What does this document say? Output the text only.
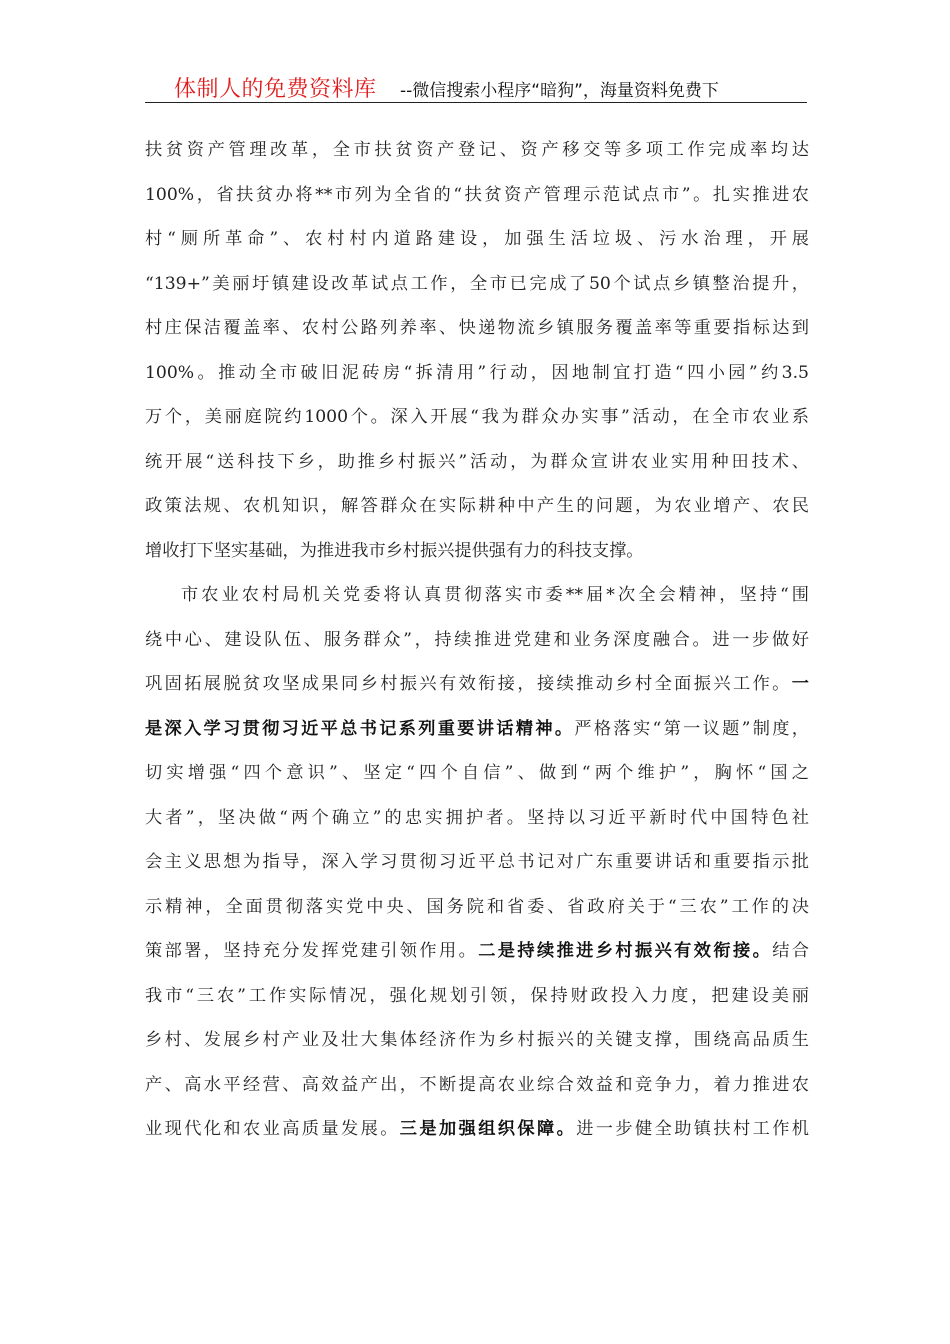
体制人的免费资料库 --微信搜索小程序“暗狗”，海量资料免费下
扶贫资产管理改革，全市扶贫资产登记、资产移交等多项工作完成率均达
100%，省扶贫办将**市列为全省的“扶贫资产管理示范试点市”。扎实推进农
村“厕所革命”、农村村内道路建设，加强生活垃圾、污水治理，开展
“139+”美丽圩镇建设改革试点工作，全市已完成了50个试点乡镇整治提升，
村庄保洁覆盖率、农村公路列养率、快递物流乡镇服务覆盖率等重要指标达到
100%。推动全市破旧泥砖房“拆清用”行动，因地制宜打造“四小园”约3.5
万个，美丽庭院约1000个。深入开展“我为群众办实事”活动，在全市农业系
统开展“送科技下乡，助推乡村振兴”活动，为群众宣讲农业实用种田技术、
政策法规、农机知识，解答群众在实际耕种中产生的问题，为农业增产、农民
增收打下坚实基础，为推进我市乡村振兴提供强有力的科技支撑。
市农业农村局机关党委将认真贯彻落实市委**届*次全会精神，坚持“围
绕中心、建设队伍、服务群众”，持续推进党建和业务深度融合。进一步做好
巩固拓展脱贫攻坚成果同乡村振兴有效衔接，接续推动乡村全面振兴工作。一
是深入学习贯彻习近平总书记系列重要讲话精神。严格落实“第一议题”制度，
切实增强“四个意识”、坚定“四个自信”、做到“两个维护”，胸怀“国之
大者”，坚决做“两个确立”的忠实拥护者。坚持以习近平新时代中国特色社
会主义思想为指导，深入学习贯彻习近平总书记对广东重要讲话和重要指示批
示精神，全面贯彻落实党中央、国务院和省委、省政府关于“三农”工作的决
策部署，坚持充分发挥党建引领作用。二是持续推进乡村振兴有效衔接。结合
我市“三农”工作实际情况，强化规划引领，保持财政投入力度，把建设美丽
乡村、发展乡村产业及壮大集体经济作为乡村振兴的关键支撑，围绕高品质生
产、高水平经营、高效益产出，不断提高农业综合效益和竞争力，着力推进农
业现代化和农业高质量发展。三是加强组织保障。进一步健全助镇扶村工作机
